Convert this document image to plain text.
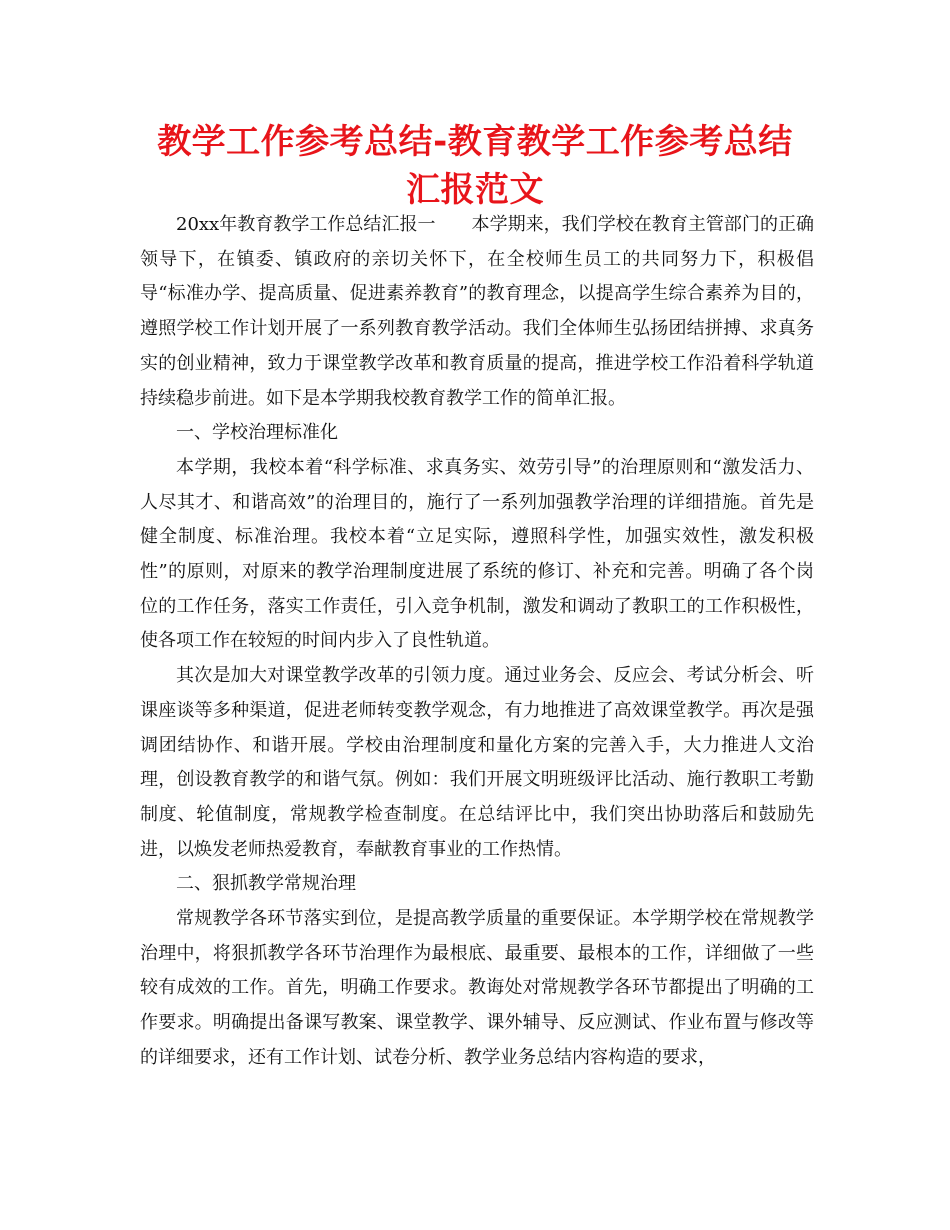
教学工作参考总结-教育教学工作参考总结汇报范文

20xx年教育教学工作总结汇报一　　本学期来，我们学校在教育主管部门的正确领导下，在镇委、镇政府的亲切关怀下，在全校师生员工的共同努力下，积极倡导“标准办学、提高质量、促进素养教育”的教育理念，以提高学生综合素养为目的，遵照学校工作计划开展了一系列教育教学活动。我们全体师生弘扬团结拼搏、求真务实的创业精神，致力于课堂教学改革和教育质量的提高，推进学校工作沿着科学轨道持续稳步前进。如下是本学期我校教育教学工作的简单汇报。

一、学校治理标准化

本学期，我校本着“科学标准、求真务实、效劳引导”的治理原则和“激发活力、人尽其才、和谐高效”的治理目的，施行了一系列加强教学治理的详细措施。首先是健全制度、标准治理。我校本着“立足实际，遵照科学性，加强实效性，激发积极性”的原则，对原来的教学治理制度进展了系统的修订、补充和完善。明确了各个岗位的工作任务，落实工作责任，引入竞争机制，激发和调动了教职工的工作积极性，使各项工作在较短的时间内步入了良性轨道。

其次是加大对课堂教学改革的引领力度。通过业务会、反应会、考试分析会、听课座谈等多种渠道，促进老师转变教学观念，有力地推进了高效课堂教学。再次是强调团结协作、和谐开展。学校由治理制度和量化方案的完善入手，大力推进人文治理，创设教育教学的和谐气氛。例如：我们开展文明班级评比活动、施行教职工考勤制度、轮值制度，常规教学检查制度。在总结评比中，我们突出协助落后和鼓励先进，以焕发老师热爱教育，奉献教育事业的工作热情。

二、狠抓教学常规治理

常规教学各环节落实到位，是提高教学质量的重要保证。本学期学校在常规教学治理中，将狠抓教学各环节治理作为最根底、最重要、最根本的工作，详细做了一些较有成效的工作。首先，明确工作要求。教诲处对常规教学各环节都提出了明确的工作要求。明确提出备课写教案、课堂教学、课外辅导、反应测试、作业布置与修改等的详细要求，还有工作计划、试卷分析、教学业务总结内容构造的要求，
